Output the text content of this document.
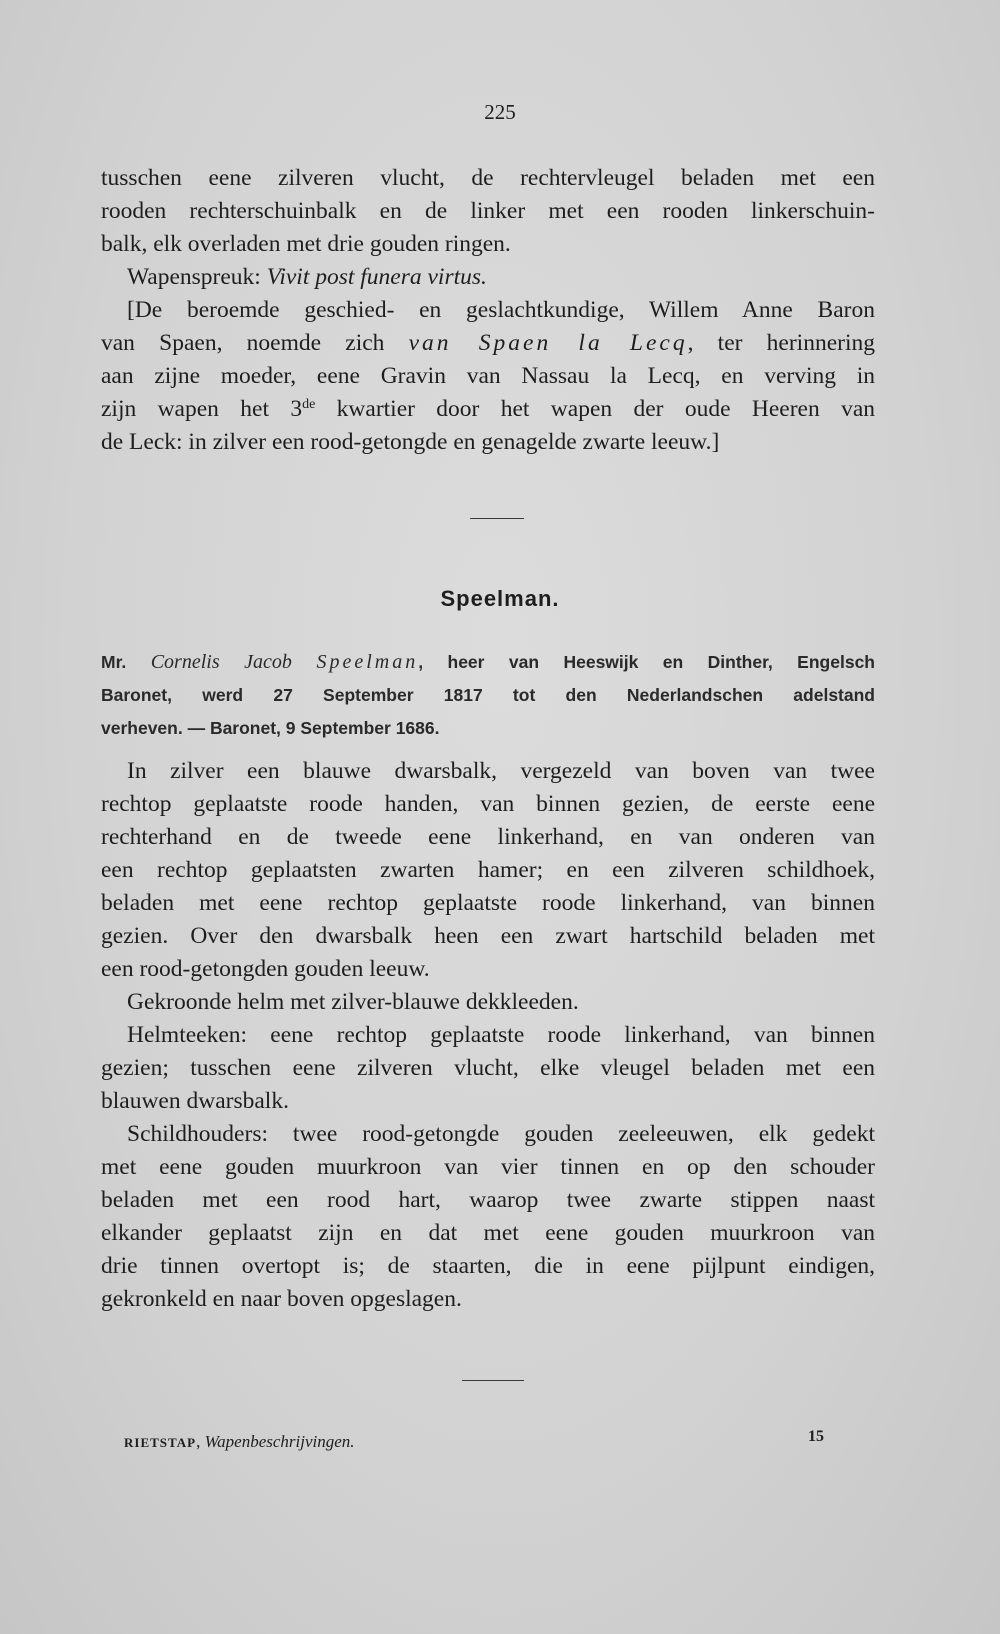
225
tusschen eene zilveren vlucht, de rechtervleugel beladen met een
rooden rechterschuinbalk en de linker met een rooden linkerschuin-
balk, elk overladen met drie gouden ringen.
Wapenspreuk: Vivit post funera virtus.
[De beroemde geschied- en geslachtkundige, Willem Anne Baron
van Spaen, noemde zich van Spaen la Lecq, ter herinnering
aan zijne moeder, eene Gravin van Nassau la Lecq, en verving in
zijn wapen het 3de kwartier door het wapen der oude Heeren van
de Leck: in zilver een rood-getongde en genagelde zwarte leeuw.]
Speelman.
Mr. Cornelis Jacob Speelman, heer van Heeswijk en Dinther, Engelsch
Baronet, werd 27 September 1817 tot den Nederlandschen adelstand
verheven. — Baronet, 9 September 1686.
In zilver een blauwe dwarsbalk, vergezeld van boven van twee
rechtop geplaatste roode handen, van binnen gezien, de eerste eene
rechterhand en de tweede eene linkerhand, en van onderen van
een rechtop geplaatsten zwarten hamer; en een zilveren schildhoek,
beladen met eene rechtop geplaatste roode linkerhand, van binnen
gezien. Over den dwarsbalk heen een zwart hartschild beladen met
een rood-getongden gouden leeuw.
Gekroonde helm met zilver-blauwe dekkleeden.
Helmteeken: eene rechtop geplaatste roode linkerhand, van binnen
gezien; tusschen eene zilveren vlucht, elke vleugel beladen met een
blauwen dwarsbalk.
Schildhouders: twee rood-getongde gouden zeeleeuwen, elk gedekt
met eene gouden muurkroon van vier tinnen en op den schouder
beladen met een rood hart, waarop twee zwarte stippen naast
elkander geplaatst zijn en dat met eene gouden muurkroon van
drie tinnen overtopt is; de staarten, die in eene pijlpunt eindigen,
gekronkeld en naar boven opgeslagen.
RIETSTAP, Wapenbeschrijvingen.	15
